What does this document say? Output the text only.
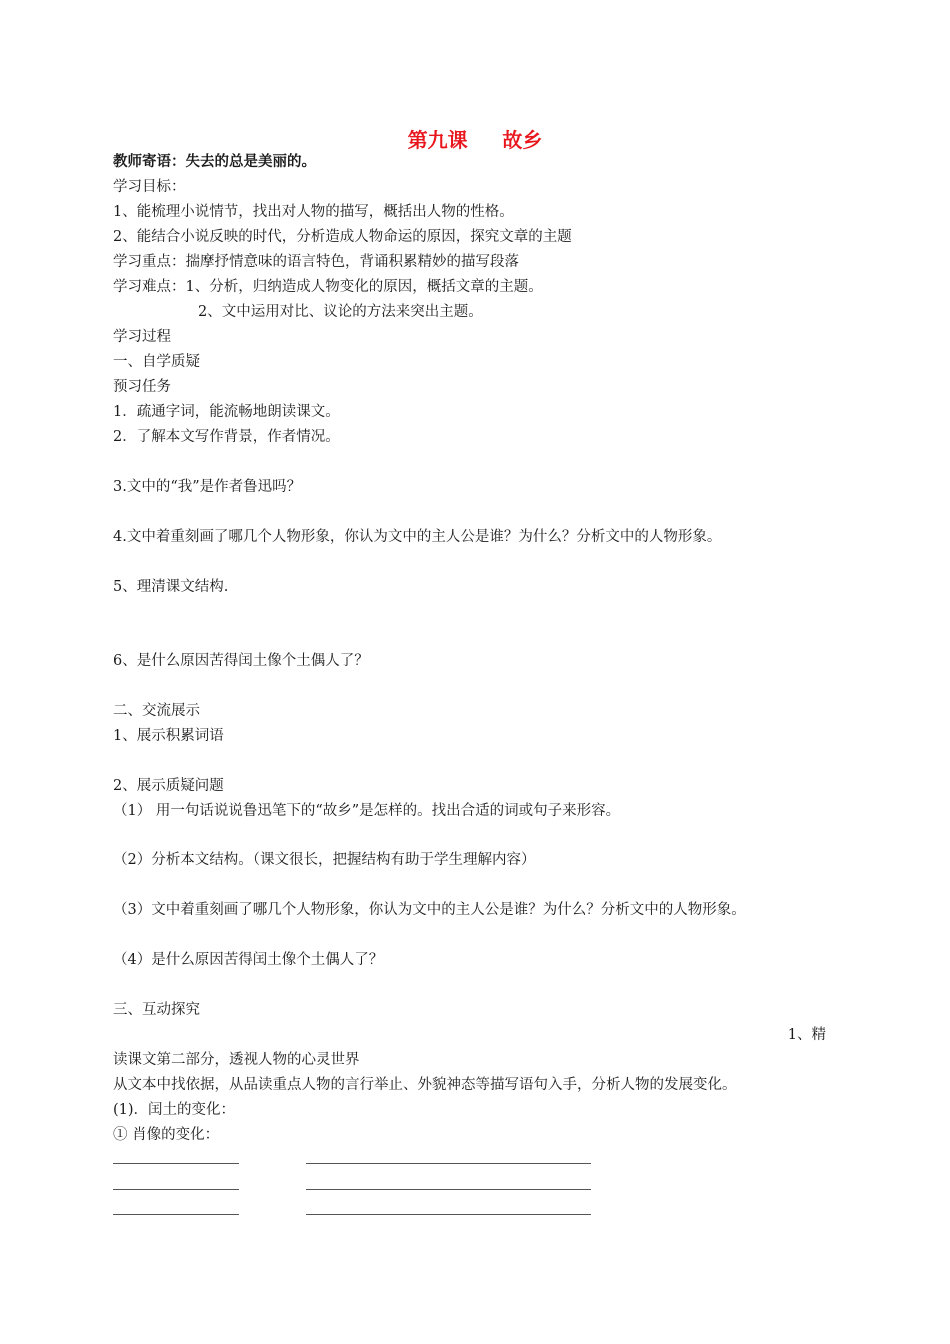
第九课     故乡
教师寄语：失去的总是美丽的。
学习目标：
1、能梳理小说情节，找出对人物的描写，概括出人物的性格。
2、能结合小说反映的时代，分析造成人物命运的原因，探究文章的主题
学习重点：揣摩抒情意味的语言特色，背诵积累精妙的描写段落
学习难点：1、分析，归纳造成人物变化的原因，概括文章的主题。
2、文中运用对比、议论的方法来突出主题。
学习过程
一、自学质疑
预习任务
1．疏通字词，能流畅地朗读课文。
2．了解本文写作背景，作者情况。
3.文中的“我”是作者鲁迅吗？
4.文中着重刻画了哪几个人物形象，你认为文中的主人公是谁？为什么？分析文中的人物形象。
5、理清课文结构.
6、是什么原因苦得闰土像个土偶人了？
二、交流展示
1、展示积累词语
2、展示质疑问题
（1） 用一句话说说鲁迅笔下的“故乡”是怎样的。找出合适的词或句子来形容。
（2）分析本文结构。（课文很长，把握结构有助于学生理解内容）
（3）文中着重刻画了哪几个人物形象，你认为文中的主人公是谁？为什么？分析文中的人物形象。
（4）是什么原因苦得闰土像个土偶人了？
三、互动探究
1、精
读课文第二部分，透视人物的心灵世界
从文本中找依据，从品读重点人物的言行举止、外貌神态等描写语句入手，分析人物的发展变化。
(1)．闰土的变化：
① 肖像的变化：
